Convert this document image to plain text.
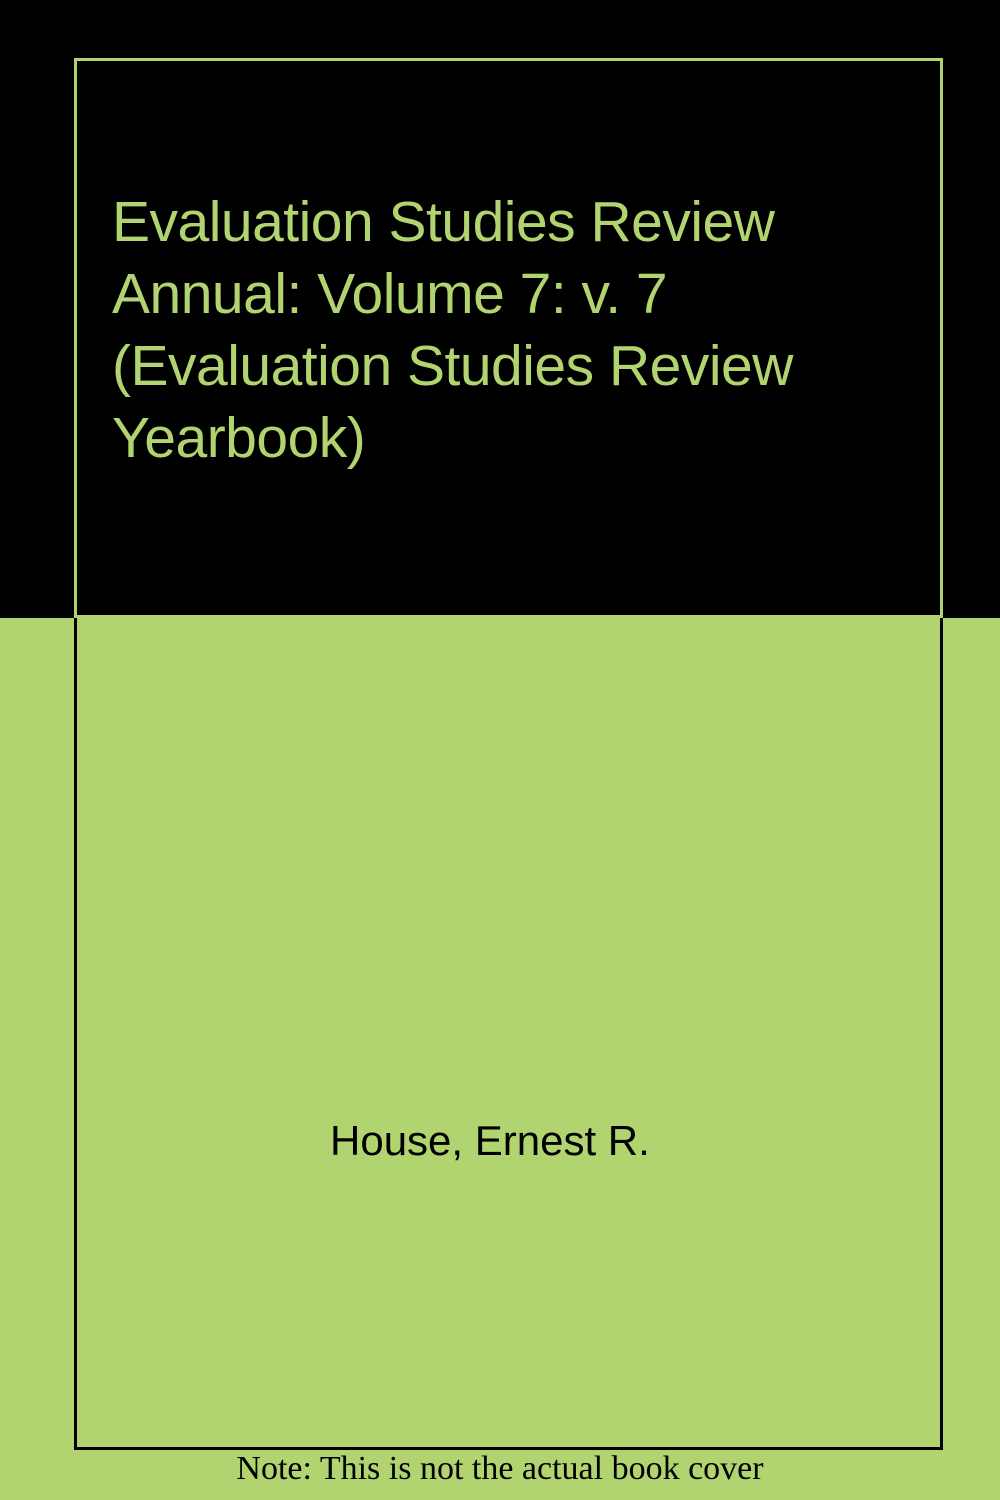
Evaluation Studies Review Annual: Volume 7: v. 7 (Evaluation Studies Review Yearbook)
House, Ernest R.
Note: This is not the actual book cover
